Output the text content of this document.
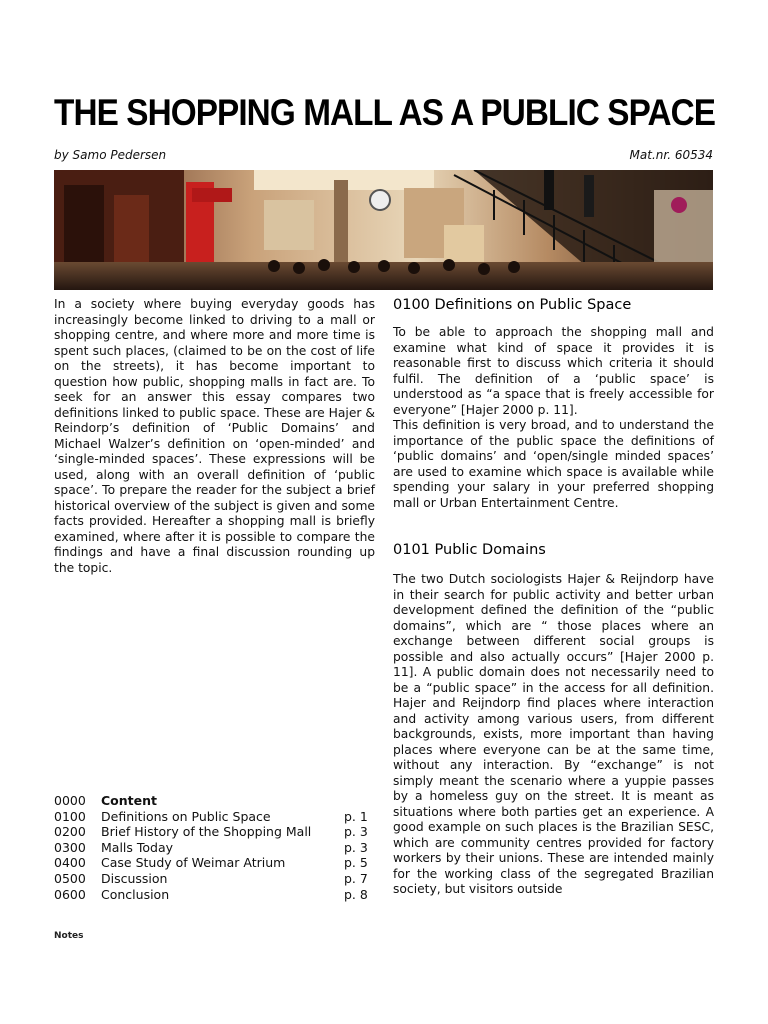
THE SHOPPING MALL AS A PUBLIC SPACE
by Samo Pedersen	Mat.nr. 60534

In a society where buying everyday goods has increasingly become linked to driving to a mall or shopping centre, and where more and more time is spent such places, (claimed to be on the cost of life on the streets), it has become important to question how public, shopping malls in fact are. To seek for an answer this essay compares two definitions linked to public space. These are Hajer & Reindorp’s definition of ‘Public Domains’ and Michael Walzer’s definition on ‘open-minded’ and ‘single-minded spaces’. These expressions will be used, along with an overall definition of ‘public space’. To prepare the reader for the subject a brief historical overview of the subject is given and some facts provided. Hereafter a shopping mall is briefly examined, where after it is possible to compare the findings and have a final discussion rounding up the topic.

0000	Content
0100	Definitions on Public Space	p. 1
0200	Brief History of the Shopping Mall	p. 3
0300	Malls Today	p. 3
0400	Case Study of Weimar Atrium	p. 5
0500	Discussion	p. 7
0600	Conclusion	p. 8
Notes
0100 Definitions on Public Space

To be able to approach the shopping mall and examine what kind of space it provides it is reasonable first to discuss which criteria it should fulfil. The definition of a ‘public space’ is understood as “a space that is freely accessible for everyone” [Hajer 2000 p. 11].

This definition is very broad, and to understand the importance of the public space the definitions of ‘public domains’ and ‘open/single minded spaces’ are used to examine which space is available while spending your salary in your preferred shopping mall or Urban Entertainment Centre.

0101 Public Domains

The two Dutch sociologists Hajer & Reijndorp have in their search for public activity and better urban development defined the definition of the “public domains”, which are “ those places where an exchange between different social groups is possible and also actually occurs” [Hajer 2000 p. 11]. A public domain does not necessarily need to be a “public space” in the access for all definition. Hajer and Reijndorp find places where interaction and activity among various users, from different backgrounds, exists, more important than having places where everyone can be at the same time, without any interaction. By “exchange” is not simply meant the scenario where a yuppie passes by a homeless guy on the street. It is meant as situations where both parties get an experience. A good example on such places is the Brazilian SESC, which are community centres provided for factory workers by their unions. These are intended mainly for the working class of the segregated Brazilian society, but visitors outside
